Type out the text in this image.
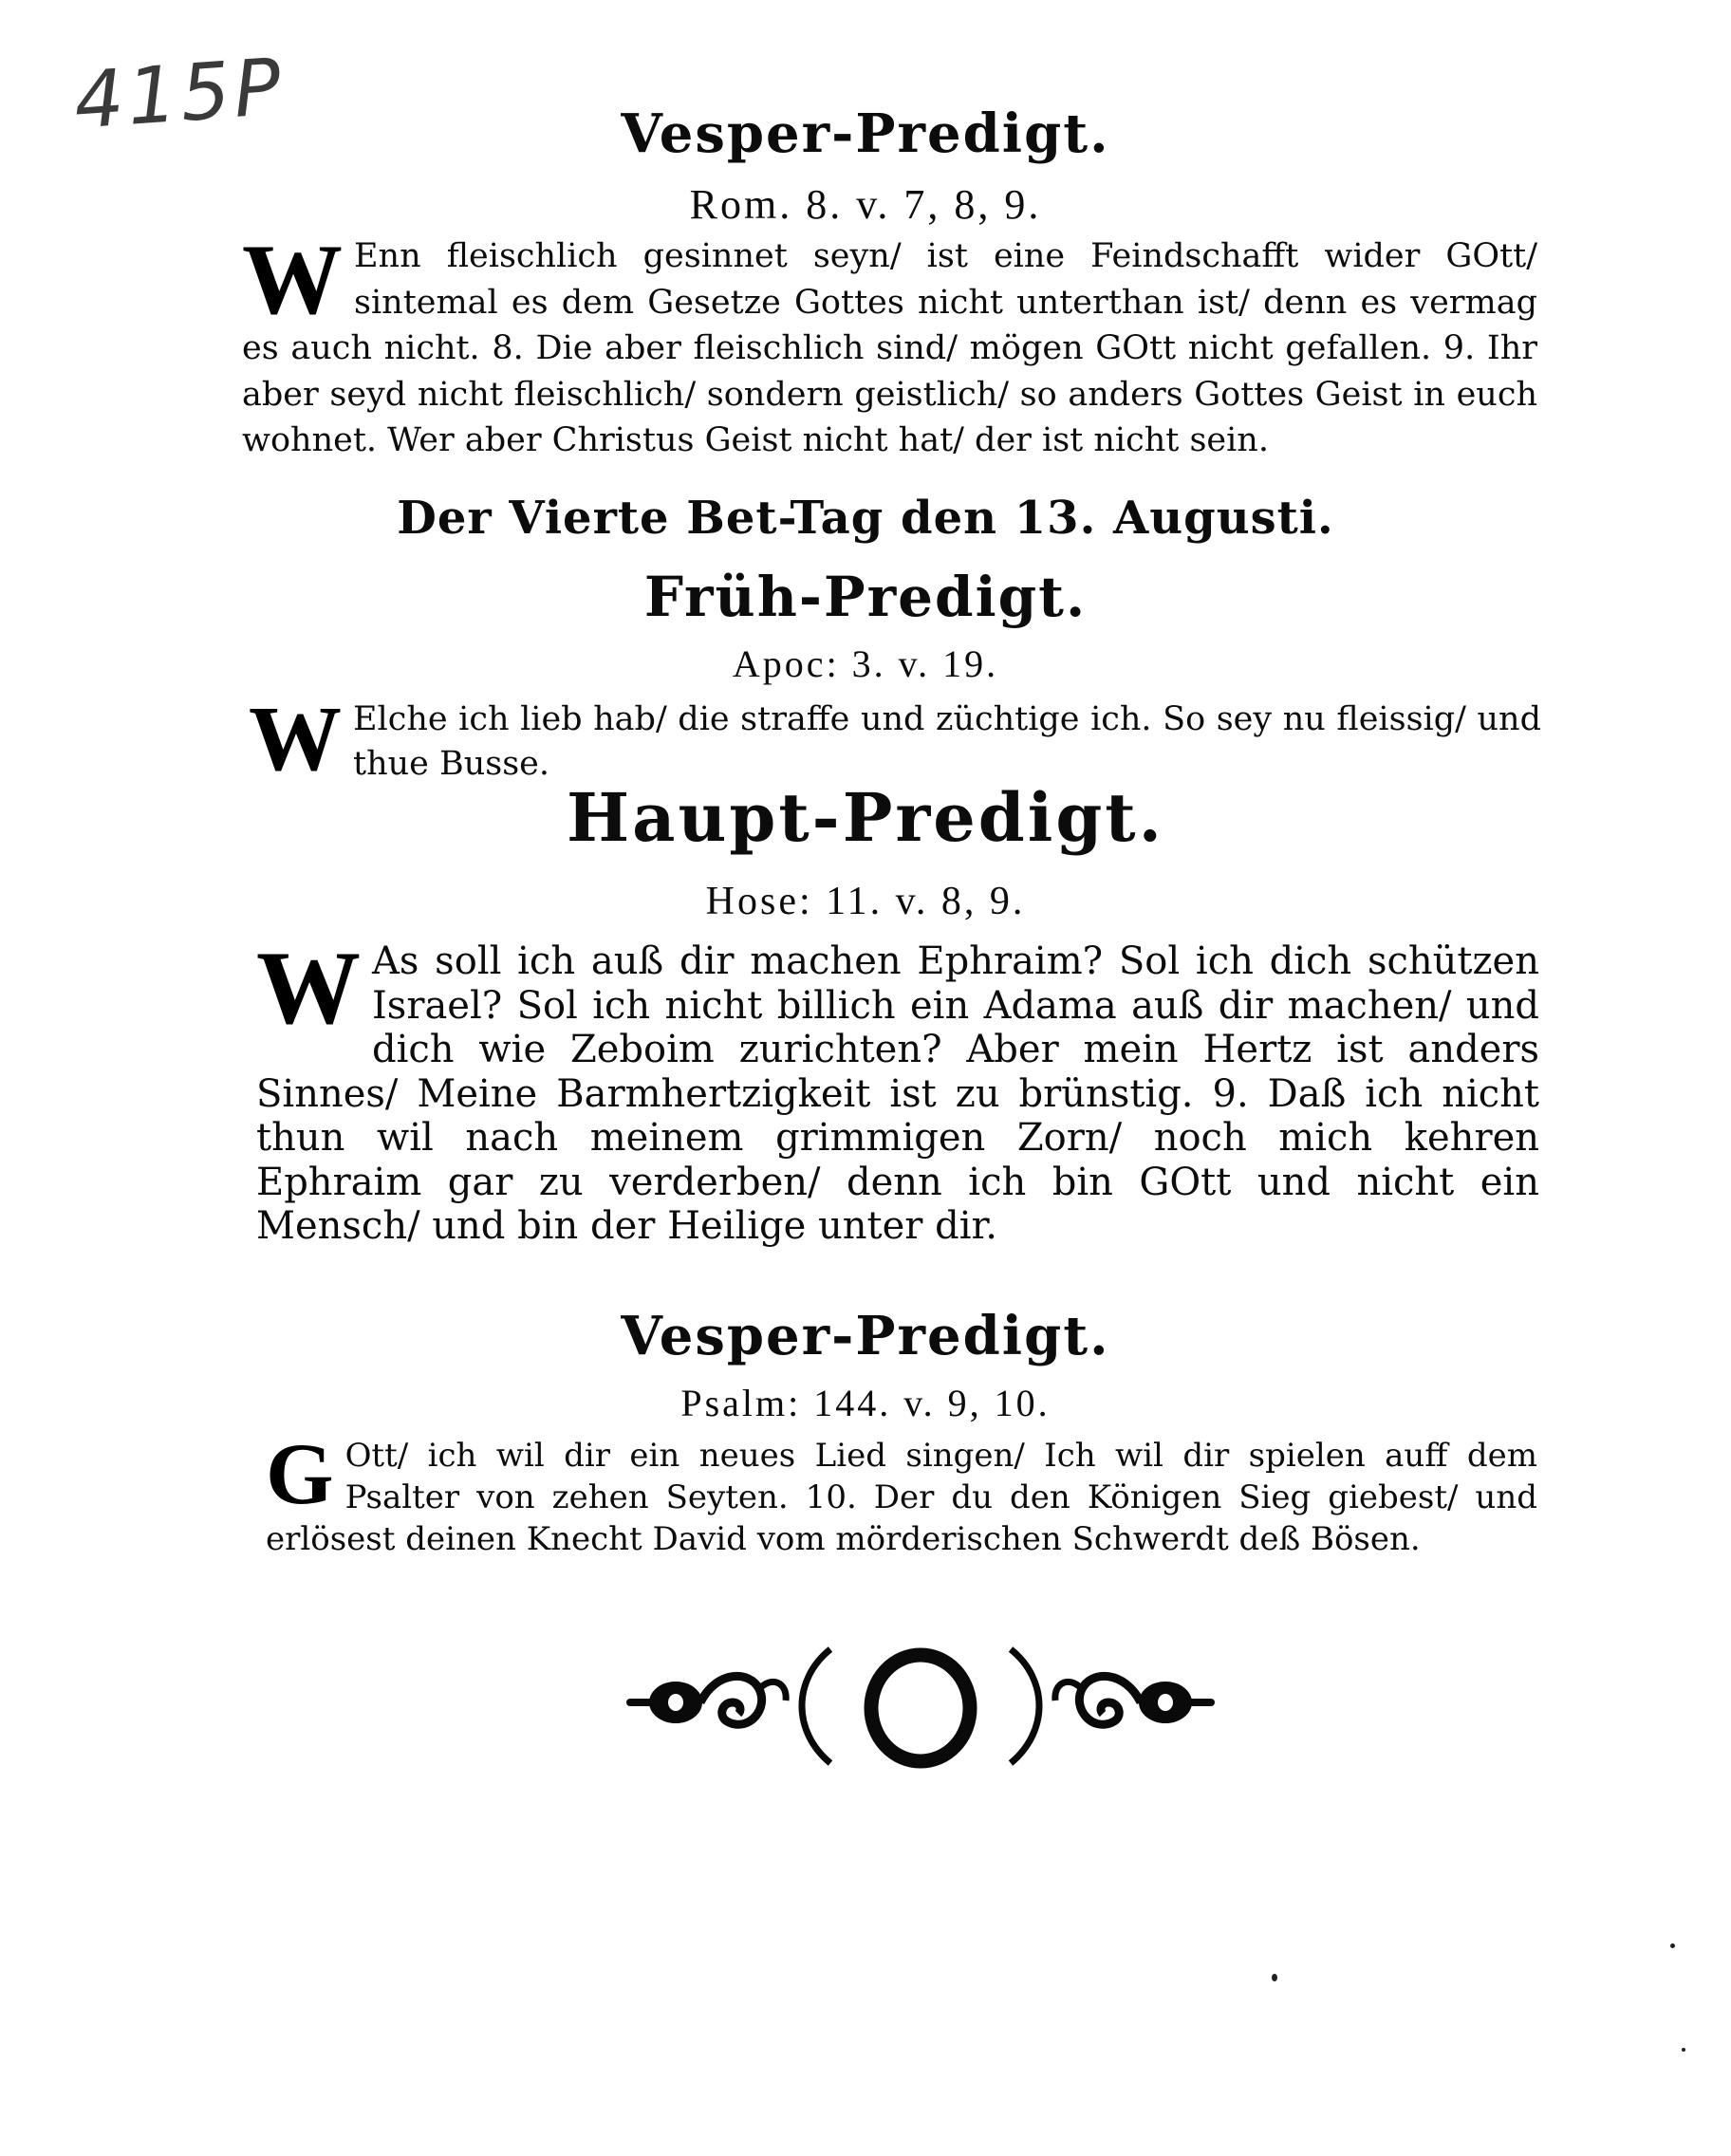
415P	Vesper-Predigt.
Rom. 8. v. 7, 8, 9.

W Enn fleischlich gesinnet seyn/ ist eine Feindschafft wider GOtt/ sintemal es dem Gesetze Gottes nicht unterthan ist/ denn es vermag es auch nicht. 8. Die aber fleischlich sind/ mögen GOtt nicht gefallen. 9. Ihr aber seyd nicht fleischlich/ sondern geistlich/ so anders Gottes Geist in euch wohnet. Wer aber Christus Geist nicht hat/ der ist nicht sein.

Der Vierte Bet-Tag den 13. Augusti.
Früh-Predigt.
Apoc: 3. v. 19.

W Elche ich lieb hab/ die straffe und züchtige ich. So sey nu fleissig/ und thue Busse.

Haupt-Predigt.
Hose: 11. v. 8, 9.

W As soll ich auß dir machen Ephraim? Sol ich dich schützen Israel? Sol ich nicht billich ein Adama auß dir machen/ und dich wie Zeboim zurichten? Aber mein Hertz ist anders Sinnes/ Meine Barmhertzigkeit ist zu brünstig. 9. Daß ich nicht thun wil nach meinem grimmigen Zorn/ noch mich kehren Ephraim gar zu verderben/ denn ich bin GOtt und nicht ein Mensch/ und bin der Heilige unter dir.

Vesper-Predigt.
Psalm: 144. v. 9, 10.

G Ott/ ich wil dir ein neues Lied singen/ Ich wil dir spielen auff dem Psalter von zehen Seyten. 10. Der du den Königen Sieg giebest/ und erlösest deinen Knecht David vom mörderischen Schwerdt deß Bösen.
